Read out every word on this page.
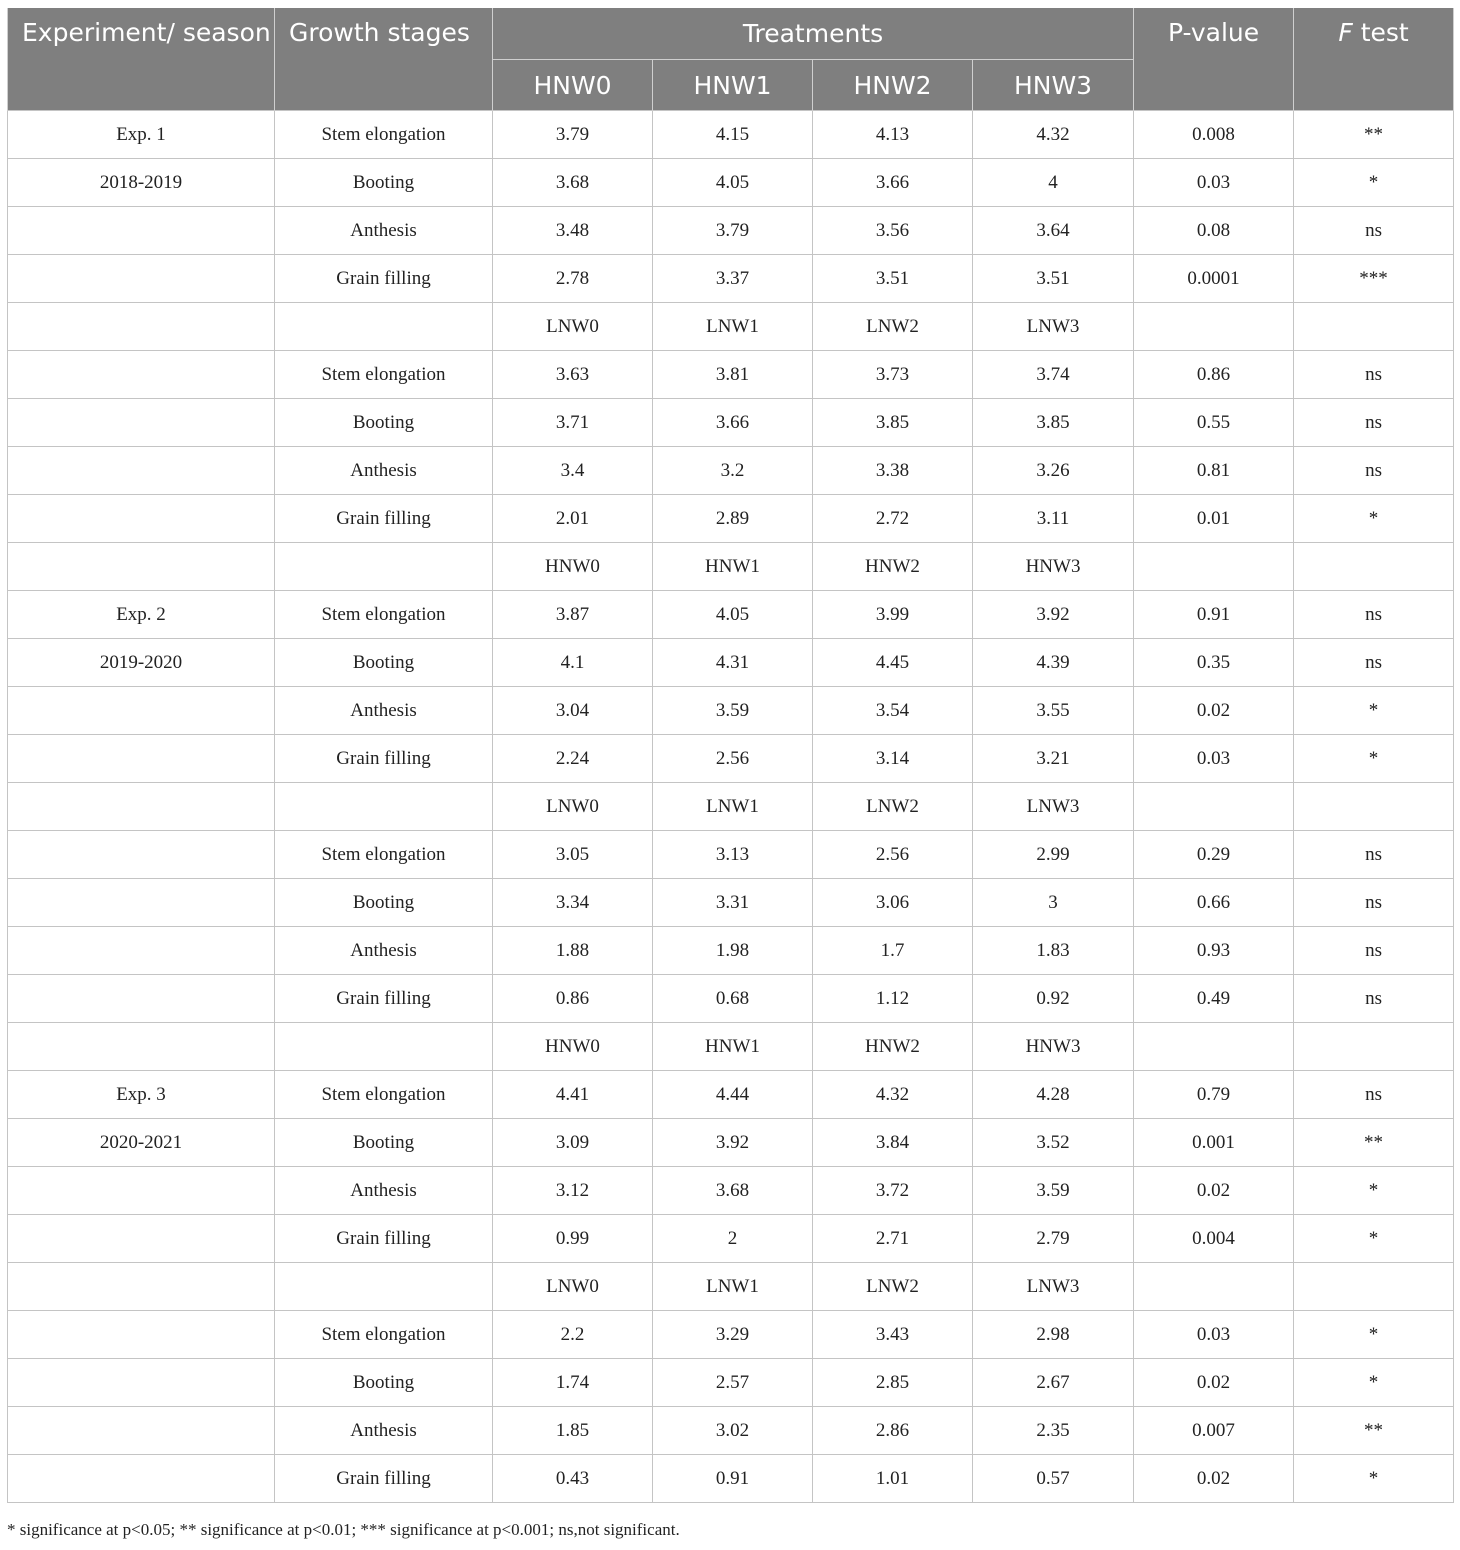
Experiment/ season	Growth stages	Treatments				P-value	F test
		HNW0	HNW1	HNW2	HNW3		
Exp. 1	Stem elongation	3.79	4.15	4.13	4.32	0.008	**
2018-2019	Booting	3.68	4.05	3.66	4	0.03	*
	Anthesis	3.48	3.79	3.56	3.64	0.08	ns
	Grain filling	2.78	3.37	3.51	3.51	0.0001	***
		LNW0	LNW1	LNW2	LNW3		
	Stem elongation	3.63	3.81	3.73	3.74	0.86	ns
	Booting	3.71	3.66	3.85	3.85	0.55	ns
	Anthesis	3.4	3.2	3.38	3.26	0.81	ns
	Grain filling	2.01	2.89	2.72	3.11	0.01	*
		HNW0	HNW1	HNW2	HNW3		
Exp. 2	Stem elongation	3.87	4.05	3.99	3.92	0.91	ns
2019-2020	Booting	4.1	4.31	4.45	4.39	0.35	ns
	Anthesis	3.04	3.59	3.54	3.55	0.02	*
	Grain filling	2.24	2.56	3.14	3.21	0.03	*
		LNW0	LNW1	LNW2	LNW3		
	Stem elongation	3.05	3.13	2.56	2.99	0.29	ns
	Booting	3.34	3.31	3.06	3	0.66	ns
	Anthesis	1.88	1.98	1.7	1.83	0.93	ns
	Grain filling	0.86	0.68	1.12	0.92	0.49	ns
		HNW0	HNW1	HNW2	HNW3		
Exp. 3	Stem elongation	4.41	4.44	4.32	4.28	0.79	ns
2020-2021	Booting	3.09	3.92	3.84	3.52	0.001	**
	Anthesis	3.12	3.68	3.72	3.59	0.02	*
	Grain filling	0.99	2	2.71	2.79	0.004	*
		LNW0	LNW1	LNW2	LNW3		
	Stem elongation	2.2	3.29	3.43	2.98	0.03	*
	Booting	1.74	2.57	2.85	2.67	0.02	*
	Anthesis	1.85	3.02	2.86	2.35	0.007	**
	Grain filling	0.43	0.91	1.01	0.57	0.02	*
* significance at p<0.05; ** significance at p<0.01; *** significance at p<0.001; ns,not significant.
